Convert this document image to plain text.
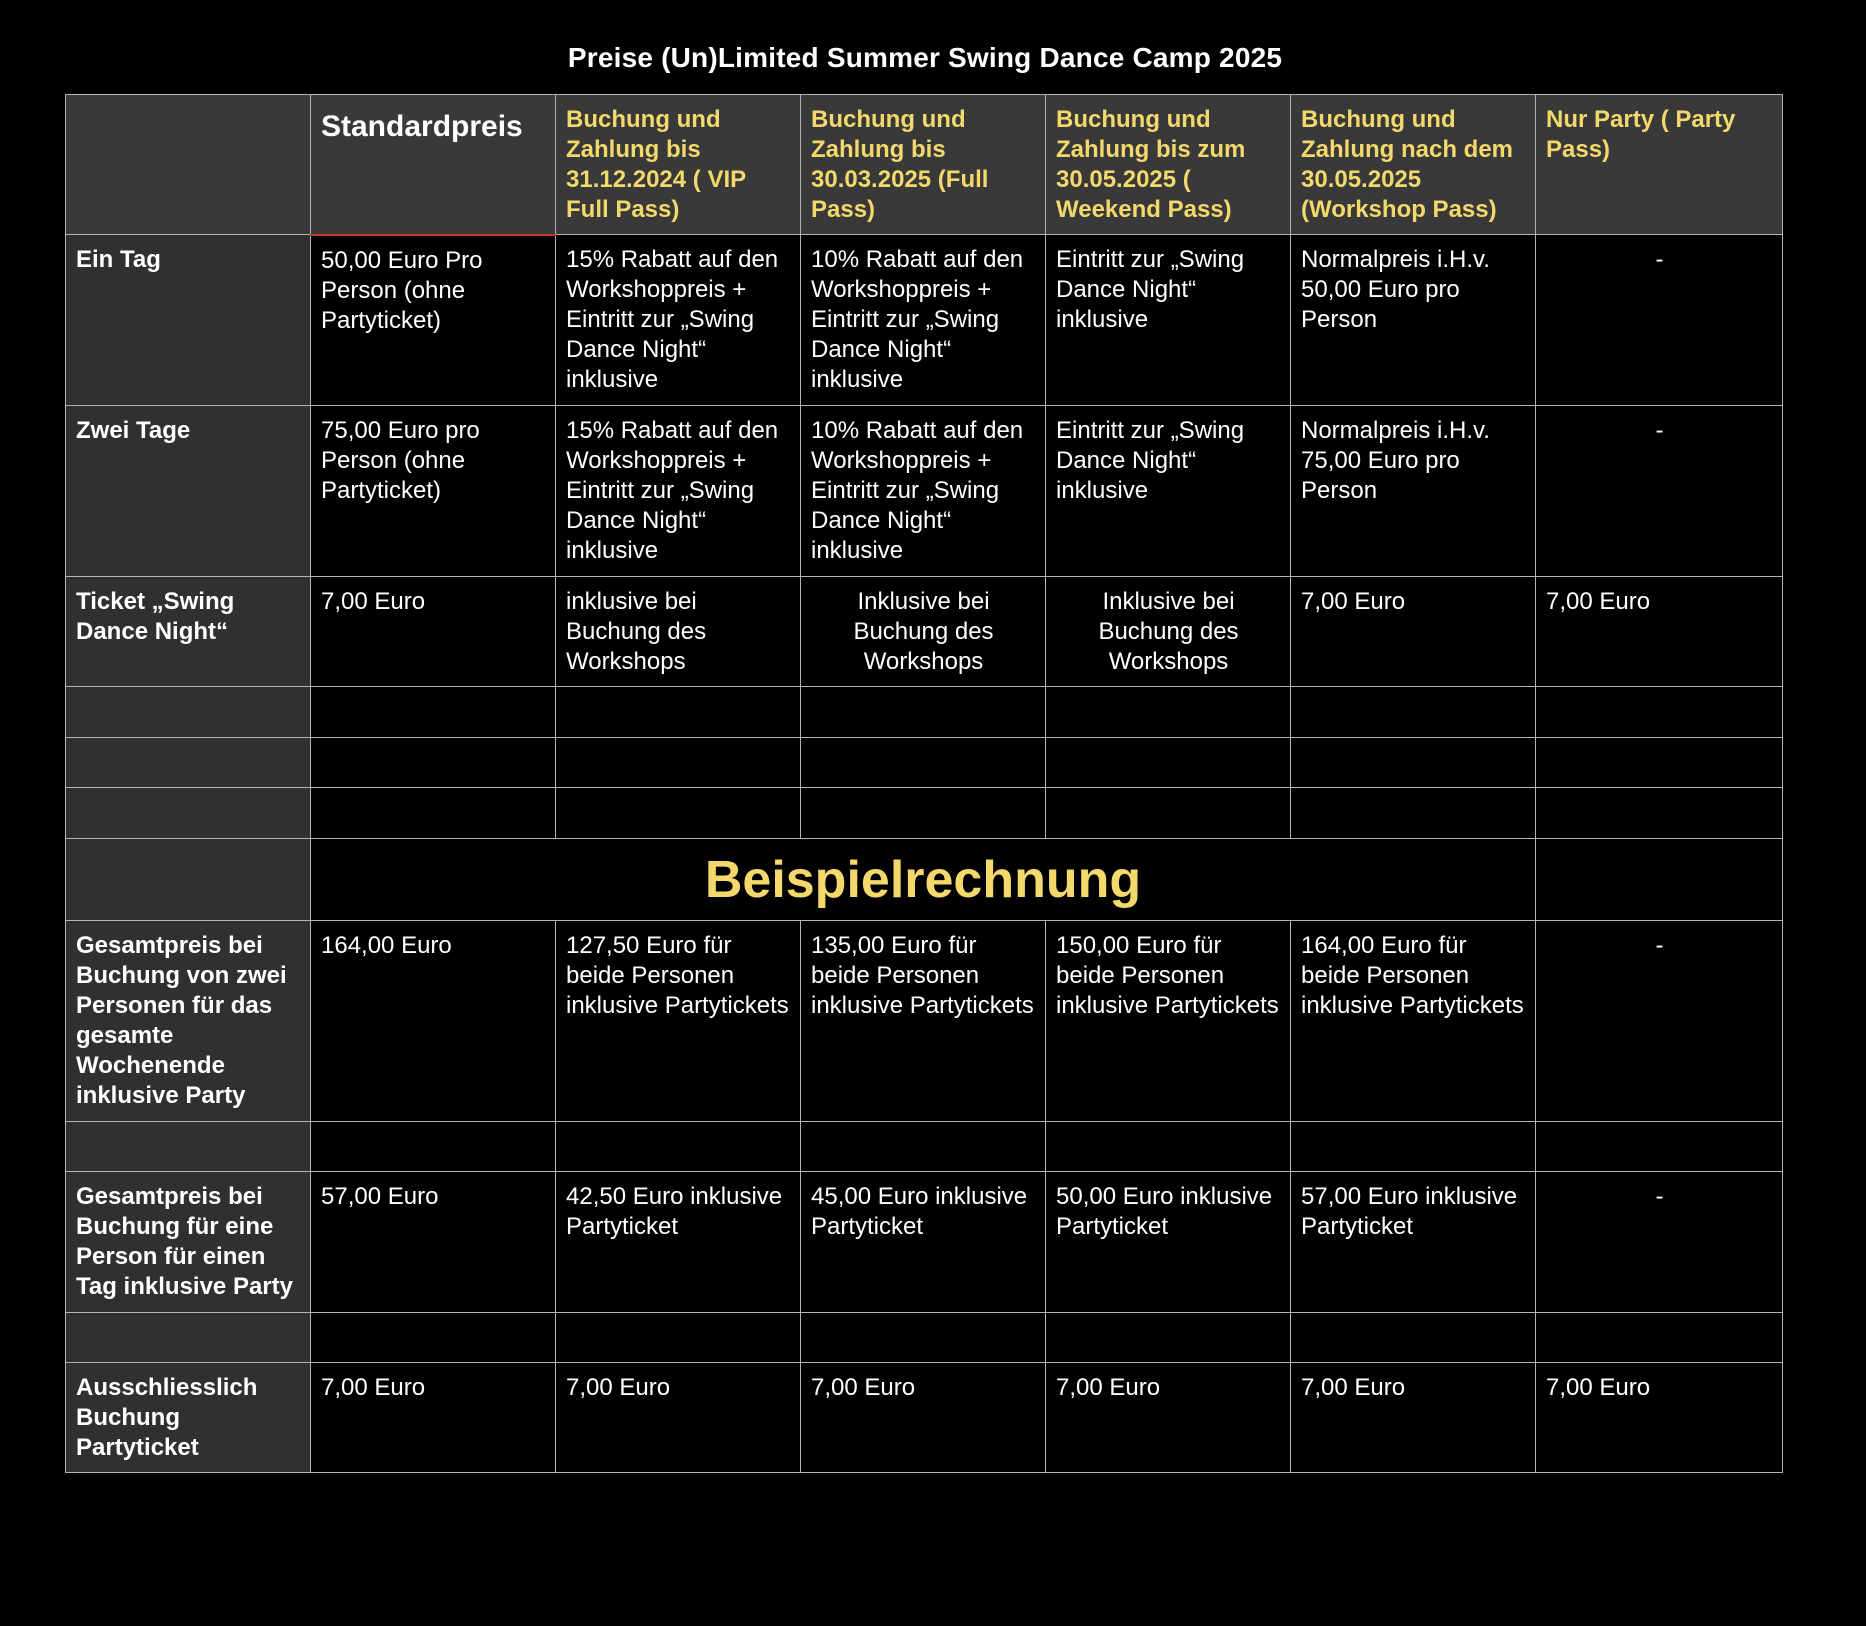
Preise (Un)Limited Summer Swing Dance Camp 2025
	Standardpreis	Buchung und Zahlung bis 31.12.2024 ( VIP Full Pass)	Buchung und Zahlung bis 30.03.2025 (Full Pass)	Buchung und Zahlung bis zum 30.05.2025 ( Weekend Pass)	Buchung und Zahlung nach dem 30.05.2025 (Workshop Pass)	Nur Party ( Party Pass)
Ein Tag	50,00 Euro Pro Person (ohne Partyticket)	15% Rabatt auf den Workshoppreis + Eintritt zur „Swing Dance Night“ inklusive	10% Rabatt auf den Workshoppreis + Eintritt zur „Swing Dance Night“ inklusive	Eintritt zur „Swing Dance Night“ inklusive	Normalpreis i.H.v. 50,00 Euro pro Person	-
Zwei Tage	75,00 Euro pro Person (ohne Partyticket)	15% Rabatt auf den Workshoppreis + Eintritt zur „Swing Dance Night“ inklusive	10% Rabatt auf den Workshoppreis + Eintritt zur „Swing Dance Night“ inklusive	Eintritt zur „Swing Dance Night“ inklusive	Normalpreis i.H.v. 75,00 Euro pro Person	-
Ticket „Swing Dance Night“	7,00 Euro	inklusive bei Buchung des Workshops	Inklusive bei Buchung des Workshops	Inklusive bei Buchung des Workshops	7,00 Euro	7,00 Euro

	Beispielrechnung					
Gesamtpreis bei Buchung von zwei Personen für das gesamte Wochenende inklusive Party	164,00 Euro	127,50 Euro für beide Personen inklusive Partytickets	135,00 Euro für beide Personen inklusive Partytickets	150,00 Euro für beide Personen inklusive Partytickets	164,00 Euro für beide Personen inklusive Partytickets	-

Gesamtpreis bei Buchung für eine Person für einen Tag inklusive Party	57,00 Euro	42,50 Euro inklusive Partyticket	45,00 Euro inklusive Partyticket	50,00 Euro inklusive Partyticket	57,00 Euro inklusive Partyticket	-

Ausschliesslich Buchung Partyticket	7,00 Euro	7,00 Euro	7,00 Euro	7,00 Euro	7,00 Euro	7,00 Euro
